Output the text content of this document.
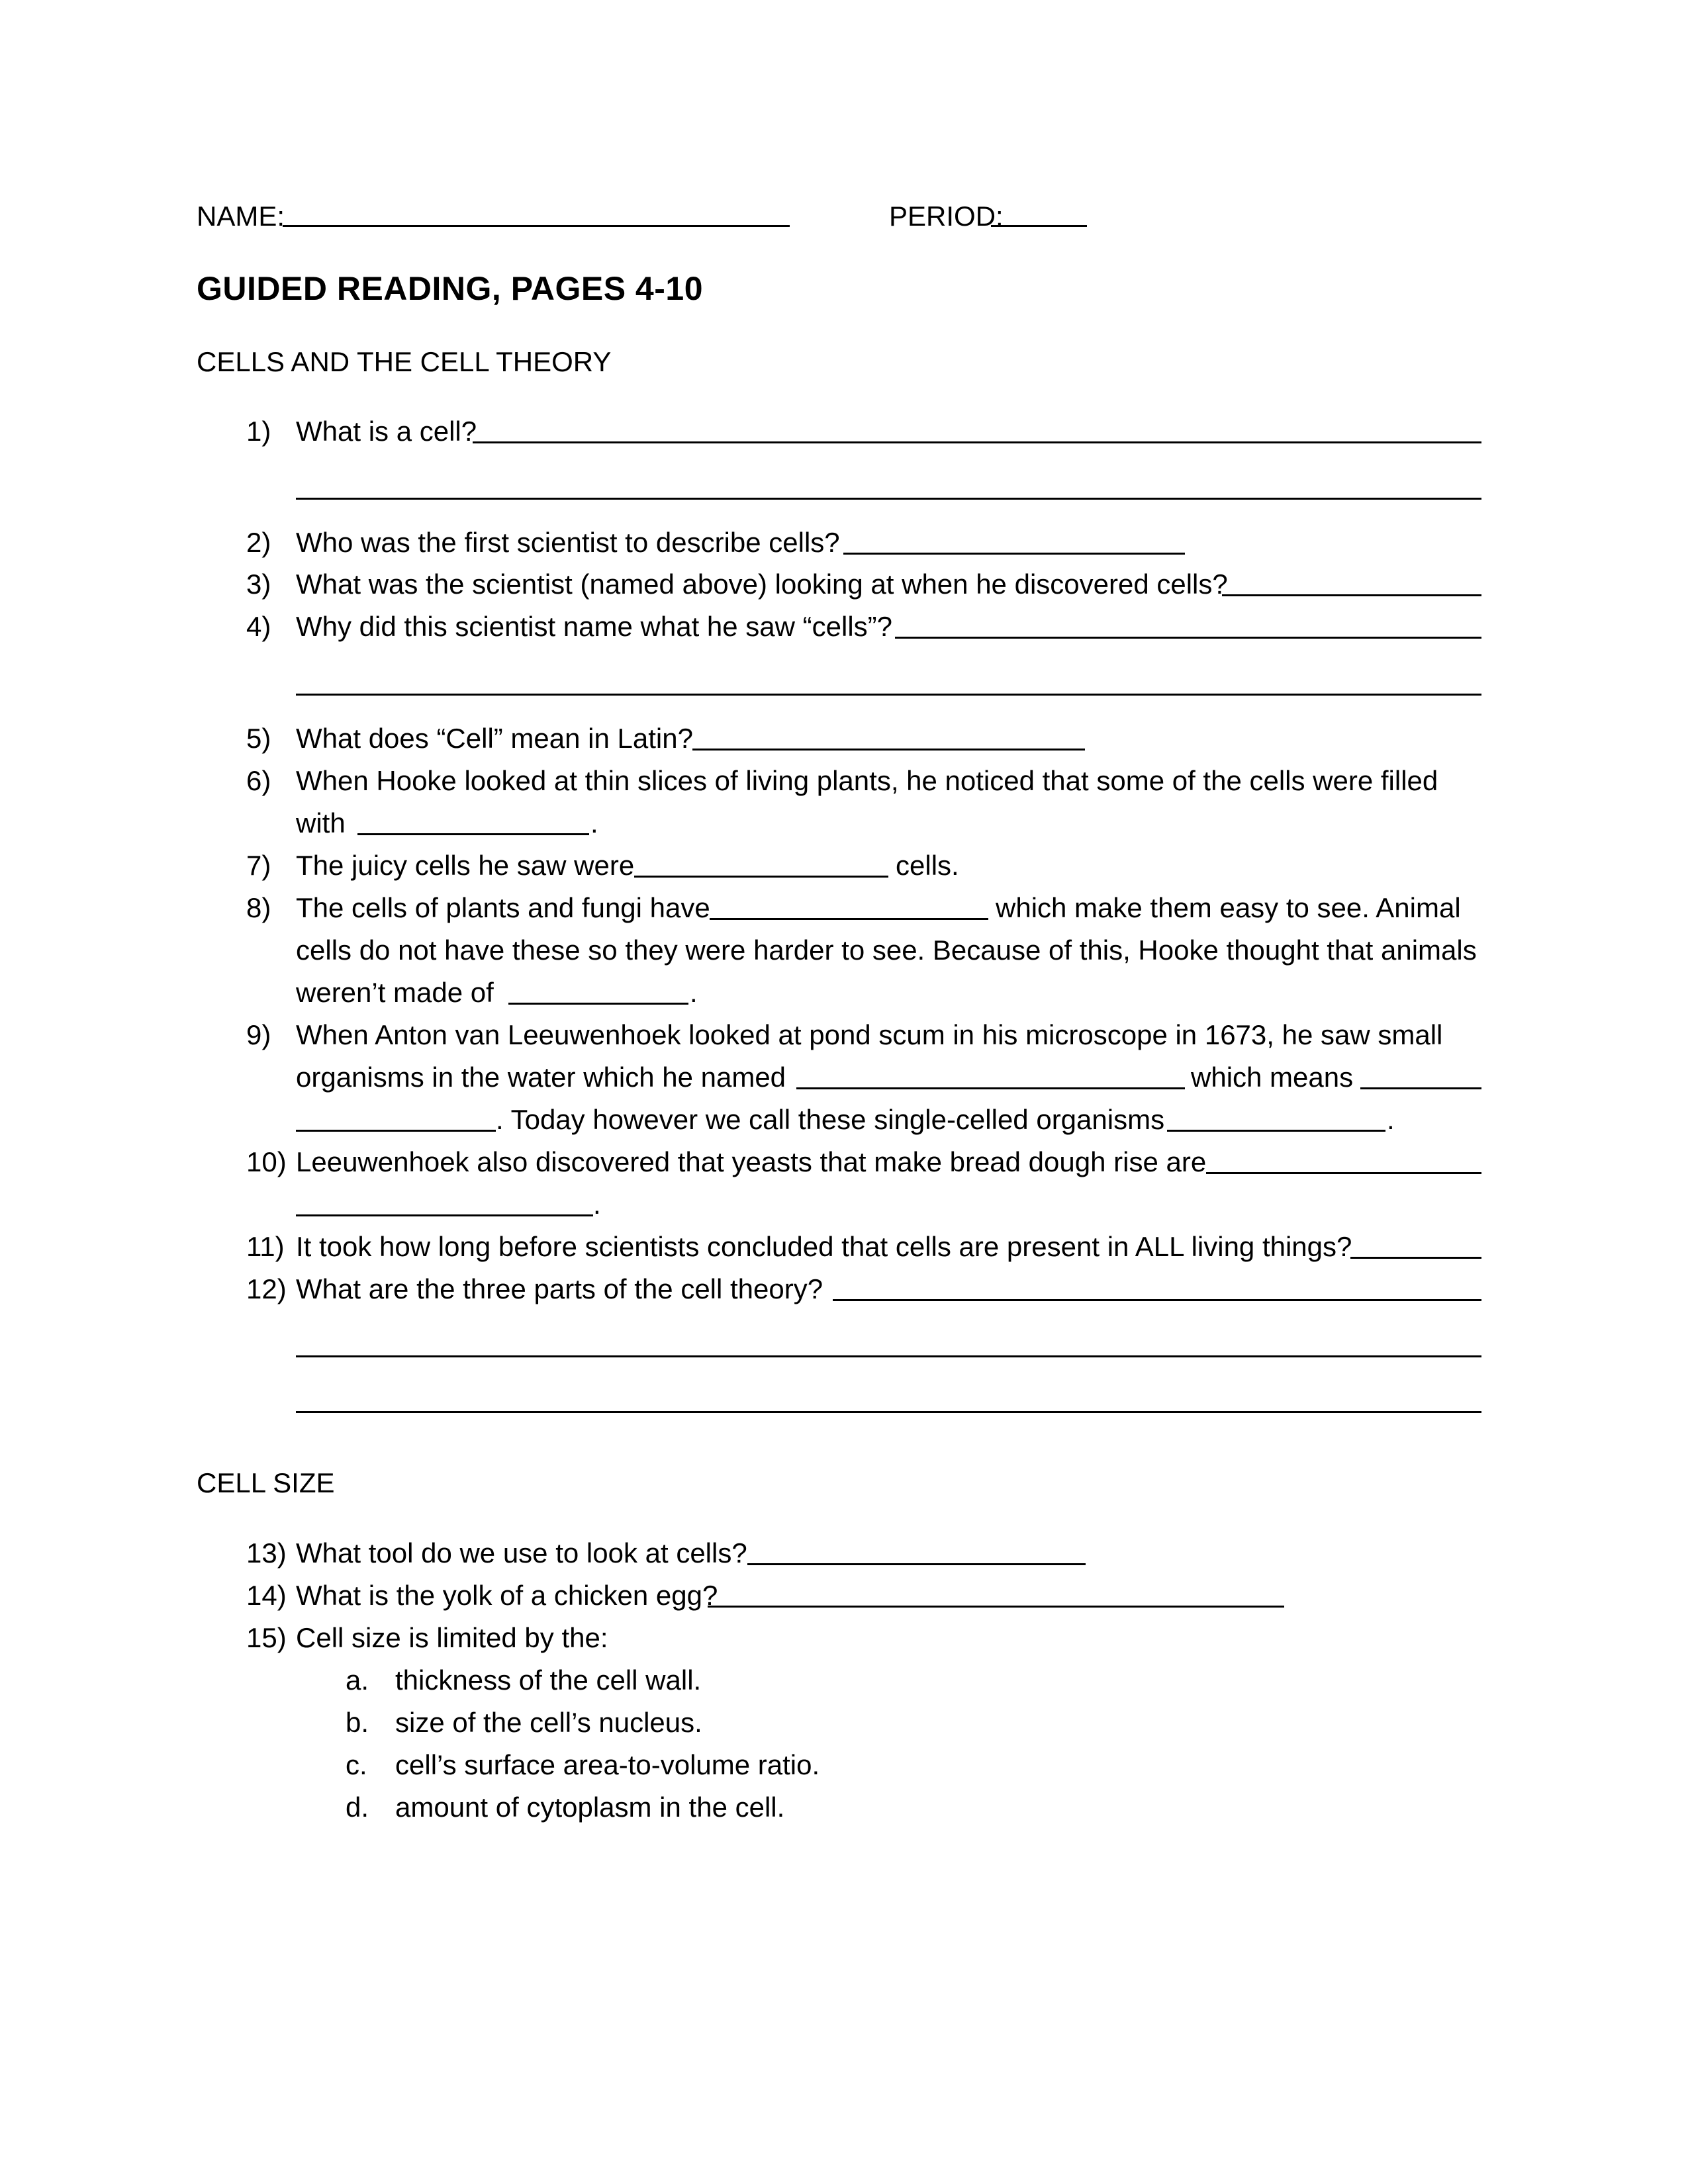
NAME:	PERIOD:
GUIDED READING, PAGES 4-10
CELLS AND THE CELL THEORY
1) What is a cell?
2) Who was the first scientist to describe cells?
3) What was the scientist (named above) looking at when he discovered cells?
4) Why did this scientist name what he saw “cells”?
5) What does “Cell” mean in Latin?
6) When Hooke looked at thin slices of living plants, he noticed that some of the cells were filled
with	.
7) The juicy cells he saw were	cells.
8) The cells of plants and fungi have	which make them easy to see. Animal
cells do not have these so they were harder to see. Because of this, Hooke thought that animals
weren’t made of	.
9) When Anton van Leeuwenhoek looked at pond scum in his microscope in 1673, he saw small
organisms in the water which he named	which means
. Today however we call these single-celled organisms	.
10) Leeuwenhoek also discovered that yeasts that make bread dough rise are
.
11) It took how long before scientists concluded that cells are present in ALL living things?
12) What are the three parts of the cell theory?
CELL SIZE
13) What tool do we use to look at cells?
14) What is the yolk of a chicken egg?
15) Cell size is limited by the:
a. thickness of the cell wall.
b. size of the cell’s nucleus.
c. cell’s surface area-to-volume ratio.
d. amount of cytoplasm in the cell.
